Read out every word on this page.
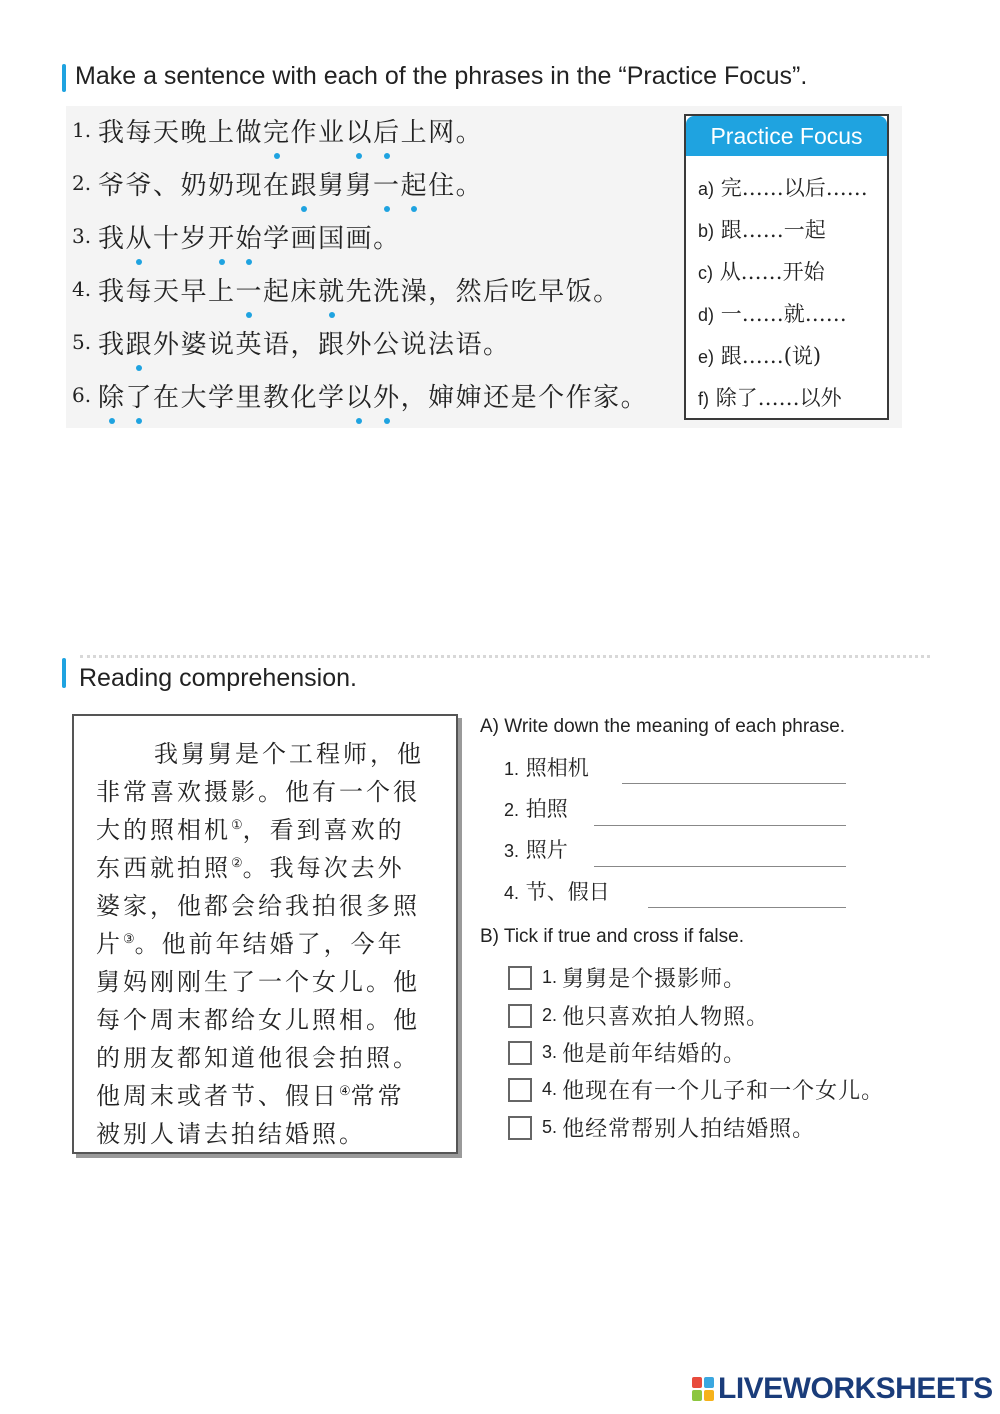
Make a sentence with each of the phrases in the “Practice Focus”.
1. 我每天晚上做完作业以后上网。
2. 爷爷、奶奶现在跟舅舅一起住。
3. 我从十岁开始学画国画。
4. 我每天早上一起床就先洗澡，然后吃早饭。
5. 我跟外婆说英语，跟外公说法语。
6. 除了在大学里教化学以外，婶婶还是个作家。
Practice Focus
a) 完……以后……
b) 跟……一起
c) 从……开始
d) 一……就……
e) 跟……(说)
f) 除了……以外
Reading comprehension.
我舅舅是个工程师，他
非常喜欢摄影。他有一个很
大的照相机①，看到喜欢的
东西就拍照②。我每次去外
婆家，他都会给我拍很多照
片③。他前年结婚了，今年
舅妈刚刚生了一个女儿。他
每个周末都给女儿照相。他
的朋友都知道他很会拍照。
他周末或者节、假日④常常
被别人请去拍结婚照。
A) Write down the meaning of each phrase.
1. 照相机
2. 拍照
3. 照片
4. 节、假日
B) Tick if true and cross if false.
1.
舅舅是个摄影师。
2.
他只喜欢拍人物照。
3.
他是前年结婚的。
4.
他现在有一个儿子和一个女儿。
5.
他经常帮别人拍结婚照。
LIVEWORKSHEETS
